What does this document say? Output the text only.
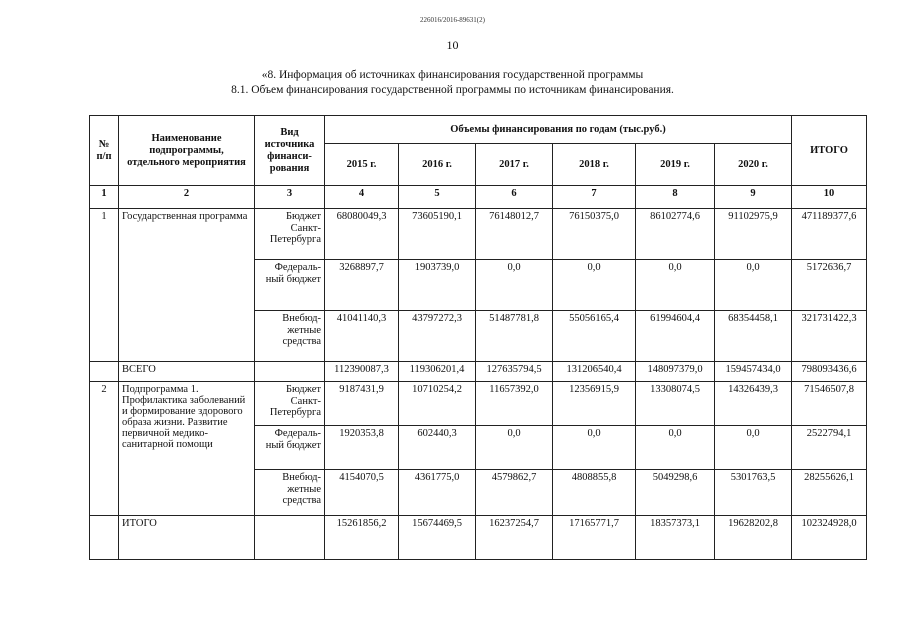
226016/2016-89631(2)
10
«8. Информация об источниках финансирования государственной программы
8.1. Объем финансирования государственной программы по источникам финансирования.
№ п/п	Наименование подпрограммы, отдельного мероприятия	Вид источника финанси-рования	Объемы финансирования по годам (тыс.руб.)						ИТОГО
			2015 г.	2016 г.	2017 г.	2018 г.	2019 г.	2020 г.	
1	2	3	4	5	6	7	8	9	10
1	Государственная программа	Бюджет Санкт-Петербурга	68080049,3	73605190,1	76148012,7	76150375,0	86102774,6	91102975,9	471189377,6
		Федераль-ный бюджет	3268897,7	1903739,0	0,0	0,0	0,0	0,0	5172636,7
		Внебюд-жетные средства	41041140,3	43797272,3	51487781,8	55056165,4	61994604,4	68354458,1	321731422,3
	ВСЕГО		112390087,3	119306201,4	127635794,5	131206540,4	148097379,0	159457434,0	798093436,6
2	Подпрограмма 1. Профилактика заболеваний и формирование здорового образа жизни. Развитие первичной медико-санитарной помощи	Бюджет Санкт-Петербурга	9187431,9	10710254,2	11657392,0	12356915,9	13308074,5	14326439,3	71546507,8
		Федераль-ный бюджет	1920353,8	602440,3	0,0	0,0	0,0	0,0	2522794,1
		Внебюд-жетные средства	4154070,5	4361775,0	4579862,7	4808855,8	5049298,6	5301763,5	28255626,1
	ИТОГО		15261856,2	15674469,5	16237254,7	17165771,7	18357373,1	19628202,8	102324928,0
